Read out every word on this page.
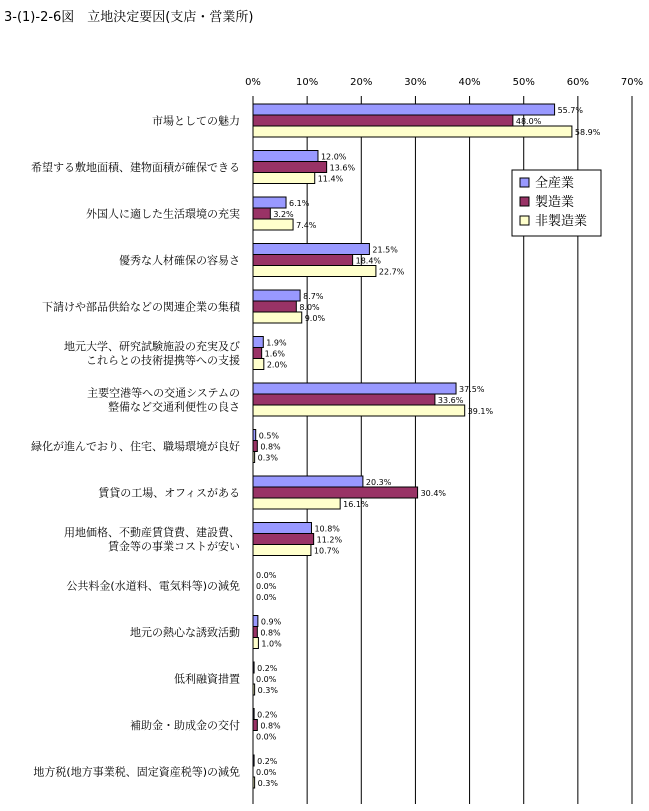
3-(1)-2-6図　立地決定要因(支店・営業所)
0%	10%	20%	30%	40%	50%	60%	70%
市場としての魅力
希望する敷地面積、建物面積が確保できる
外国人に適した生活環境の充実
優秀な人材確保の容易さ
下請けや部品供給などの関連企業の集積
地元大学、研究試験施設の充実及び
これらとの技術提携等への支援
主要空港等への交通システムの
整備など交通利便性の良さ
緑化が進んでおり、住宅、職場環境が良好
賃貸の工場、オフィスがある
用地価格、不動産賃貸費、建設費、
賃金等の事業コストが安い
公共料金(水道料、電気料等)の減免
地元の熱心な誘致活動
低利融資措置
補助金・助成金の交付
地方税(地方事業税、固定資産税等)の減免
55.7%
12.0%
6.1%
21.5%
8.7%
1.9%
37.5%
0.5%
20.3%
10.8%
0.0%
0.9%
0.2%
0.2%
0.2%
48.0%
13.6%
3.2%
18.4%
8.0%
1.6%
33.6%
0.8%
30.4%
11.2%
0.0%
0.8%
0.0%
0.8%
0.0%
58.9%
11.4%
7.4%
22.7%
9.0%
2.0%
39.1%
0.3%
16.1%
10.7%
0.0%
1.0%
0.3%
0.0%
0.3%
全産業
製造業
非製造業
